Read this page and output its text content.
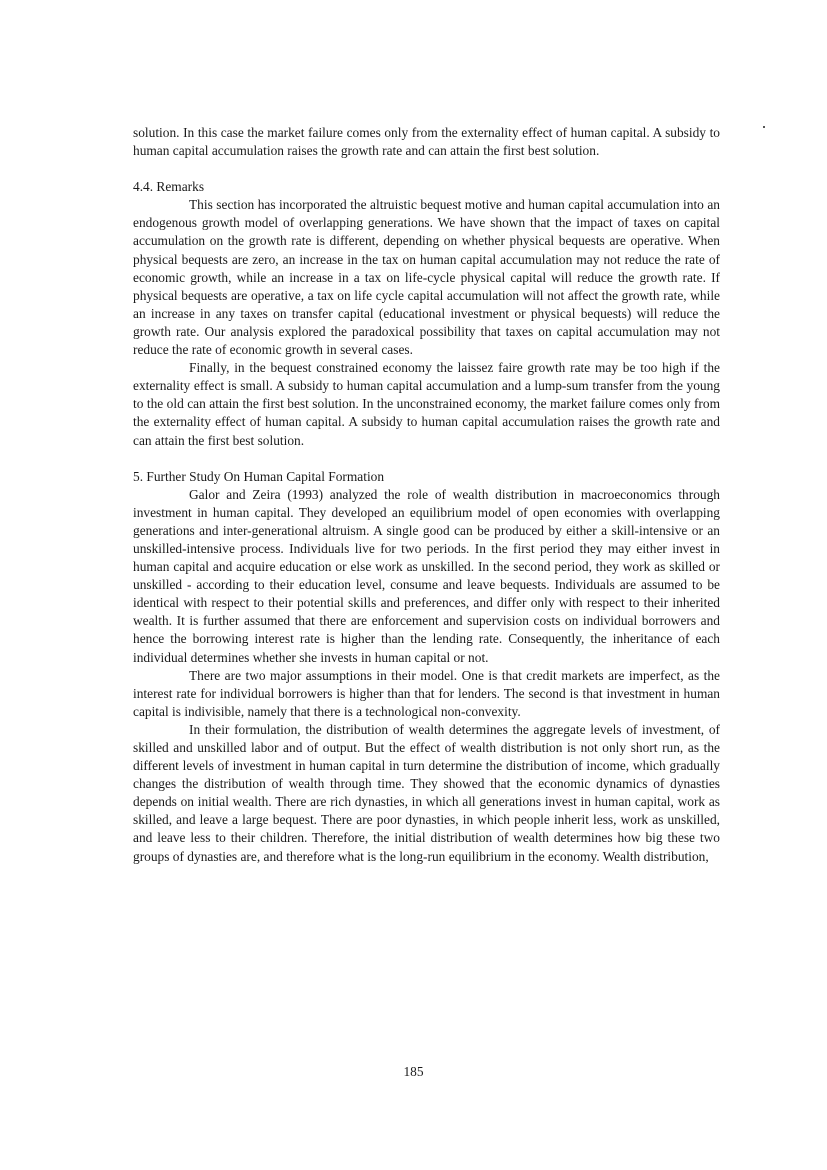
solution. In this case the market failure comes only from the externality effect of human capital. A subsidy to human capital accumulation raises the growth rate and can attain the first best solution.

4.4. Remarks

This section has incorporated the altruistic bequest motive and human capital accumulation into an endogenous growth model of overlapping generations. We have shown that the impact of taxes on capital accumulation on the growth rate is different, depending on whether physical bequests are operative. When physical bequests are zero, an increase in the tax on human capital accumulation may not reduce the rate of economic growth, while an increase in a tax on life-cycle physical capital will reduce the growth rate. If physical bequests are operative, a tax on life cycle capital accumulation will not affect the growth rate, while an increase in any taxes on transfer capital (educational investment or physical bequests) will reduce the growth rate. Our analysis explored the paradoxical possibility that taxes on capital accumulation may not reduce the rate of economic growth in several cases.

Finally, in the bequest constrained economy the laissez faire growth rate may be too high if the externality effect is small. A subsidy to human capital accumulation and a lump-sum transfer from the young to the old can attain the first best solution. In the unconstrained economy, the market failure comes only from the externality effect of human capital. A subsidy to human capital accumulation raises the growth rate and can attain the first best solution.

5. Further Study On Human Capital Formation

Galor and Zeira (1993) analyzed the role of wealth distribution in macroeconomics through investment in human capital. They developed an equilibrium model of open economies with overlapping generations and inter-generational altruism. A single good can be produced by either a skill-intensive or an unskilled-intensive process. Individuals live for two periods. In the first period they may either invest in human capital and acquire education or else work as unskilled. In the second period, they work as skilled or unskilled - according to their education level, consume and leave bequests. Individuals are assumed to be identical with respect to their potential skills and preferences, and differ only with respect to their inherited wealth. It is further assumed that there are enforcement and supervision costs on individual borrowers and hence the borrowing interest rate is higher than the lending rate. Consequently, the inheritance of each individual determines whether she invests in human capital or not.

There are two major assumptions in their model. One is that credit markets are imperfect, as the interest rate for individual borrowers is higher than that for lenders. The second is that investment in human capital is indivisible, namely that there is a technological non-convexity.

In their formulation, the distribution of wealth determines the aggregate levels of investment, of skilled and unskilled labor and of output. But the effect of wealth distribution is not only short run, as the different levels of investment in human capital in turn determine the distribution of income, which gradually changes the distribution of wealth through time. They showed that the economic dynamics of dynasties depends on initial wealth. There are rich dynasties, in which all generations invest in human capital, work as skilled, and leave a large bequest. There are poor dynasties, in which people inherit less, work as unskilled, and leave less to their children. Therefore, the initial distribution of wealth determines how big these two groups of dynasties are, and therefore what is the long-run equilibrium in the economy. Wealth distribution,

185
